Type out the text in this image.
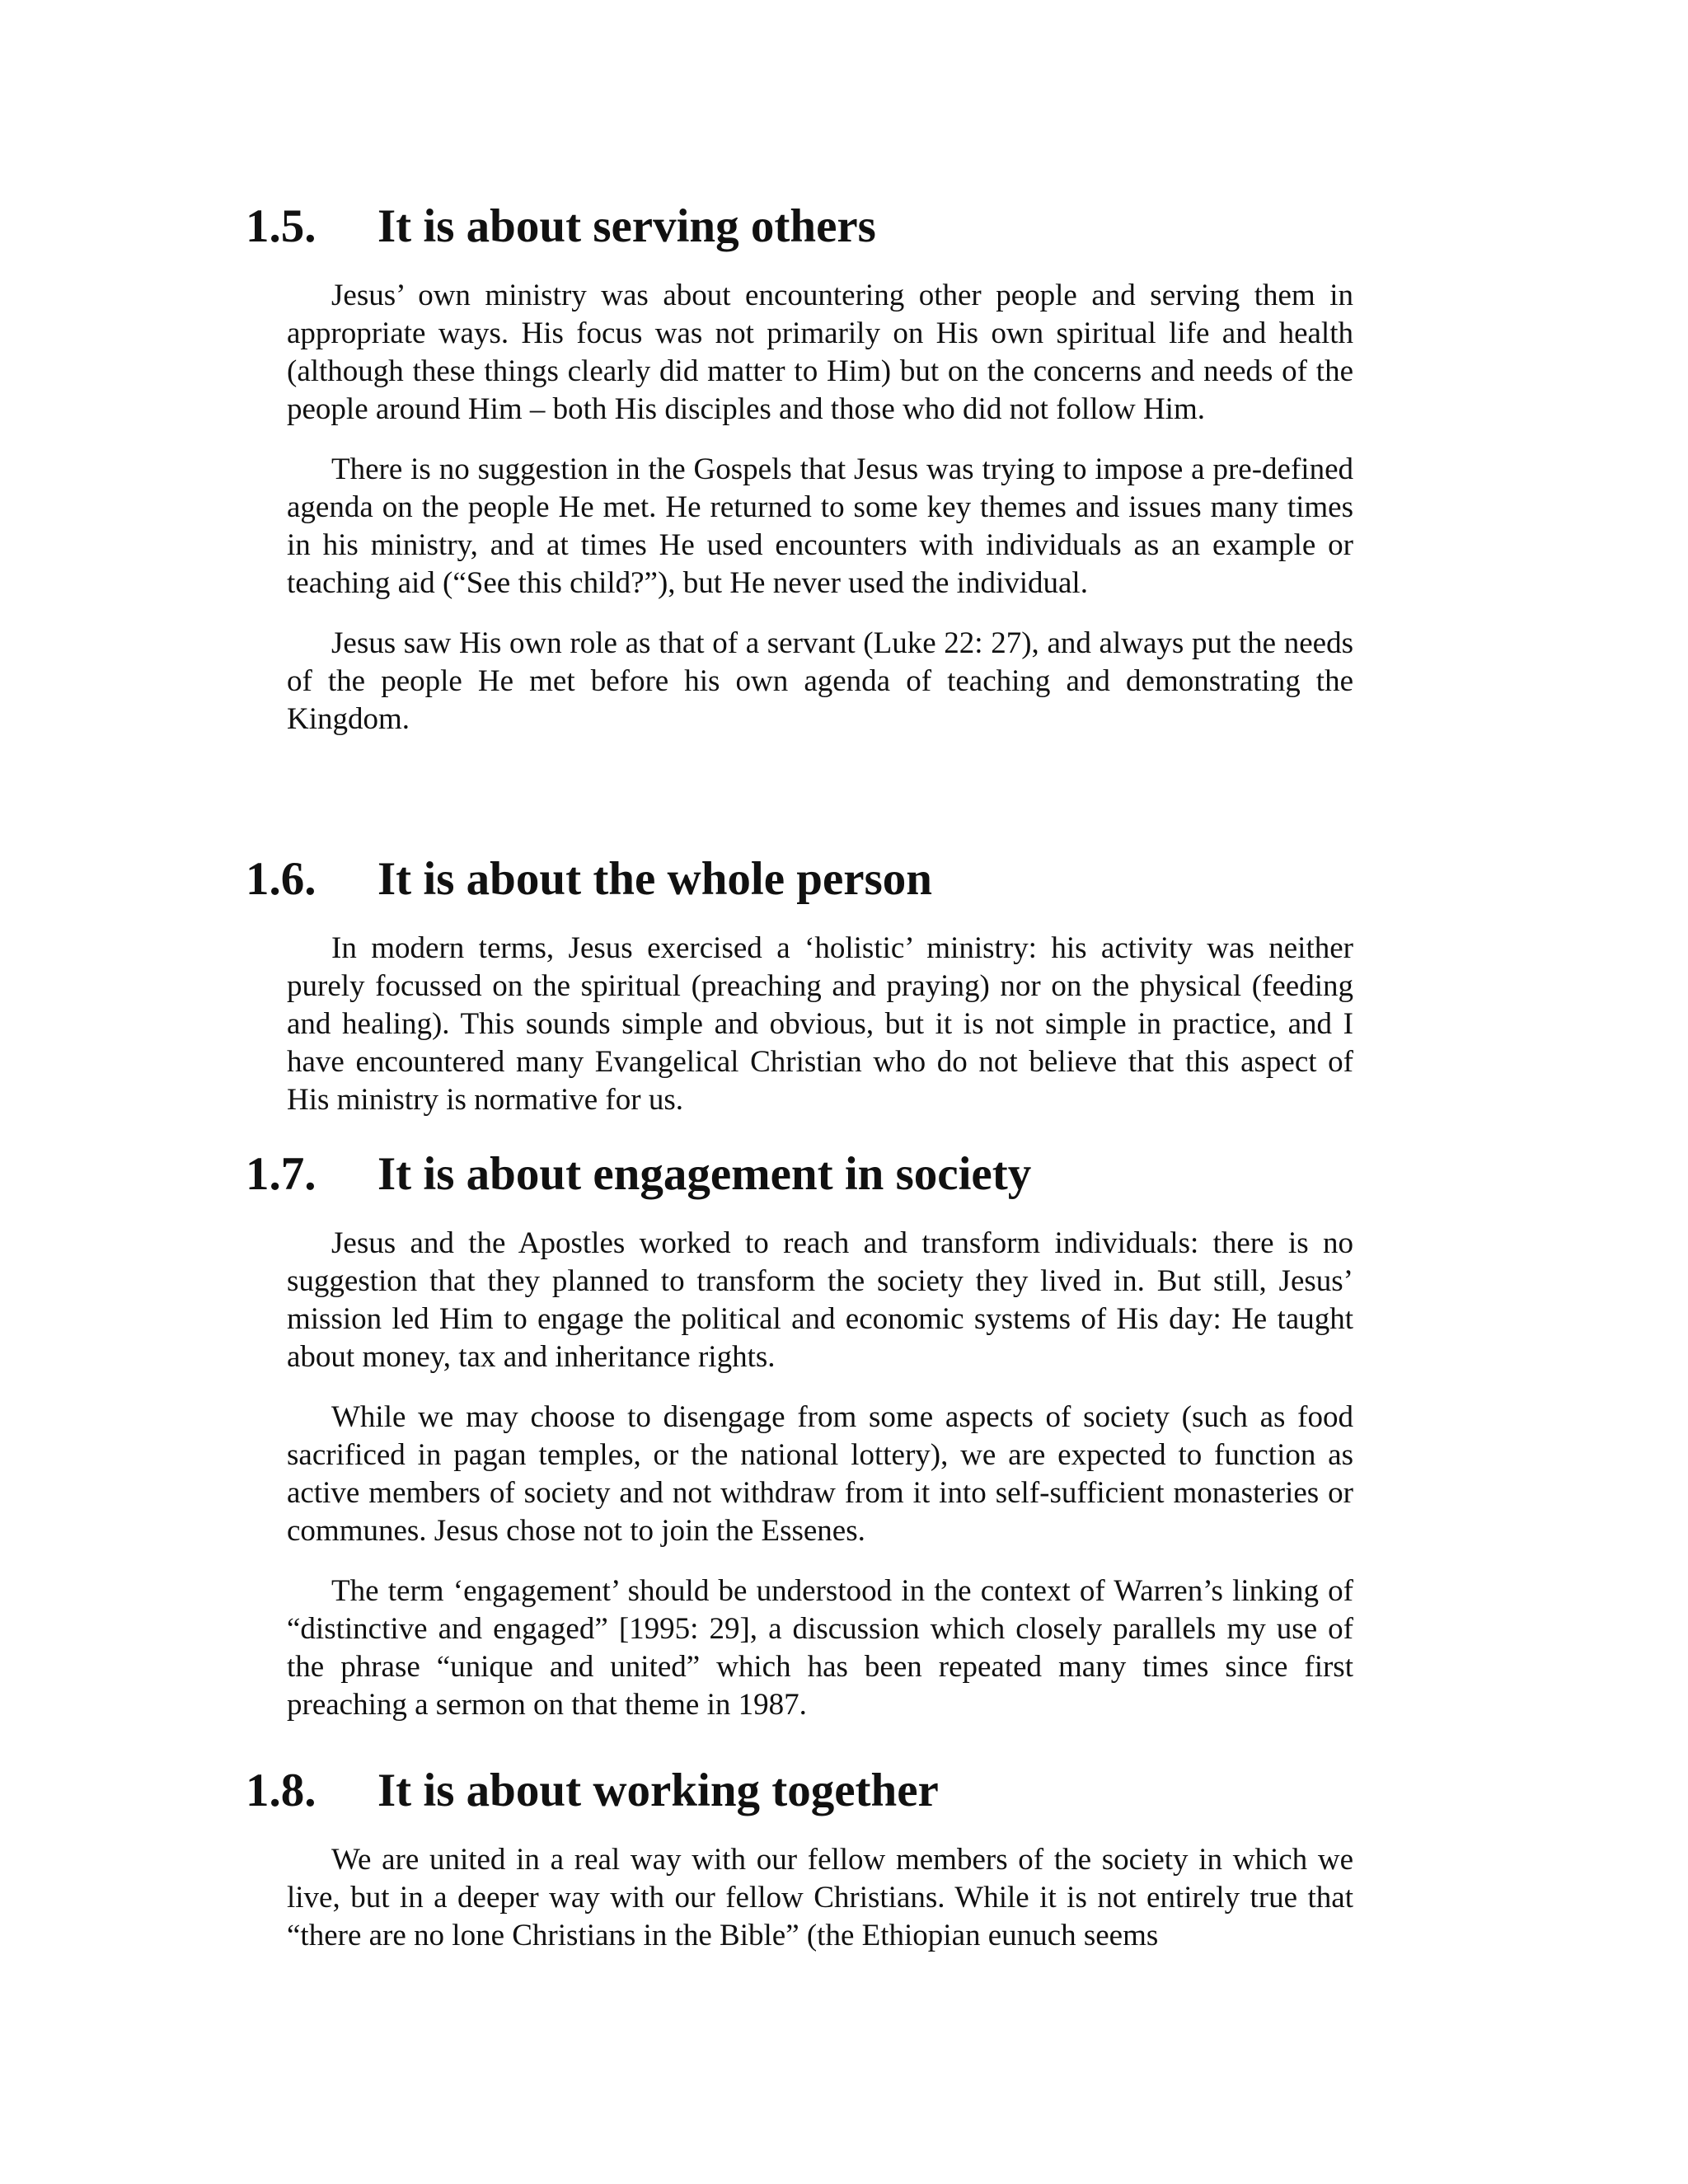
1.5. It is about serving others

Jesus’ own ministry was about encountering other people and serving them in appropriate ways. His focus was not primarily on His own spiritual life and health (although these things clearly did matter to Him) but on the concerns and needs of the people around Him – both His disciples and those who did not follow Him.

There is no suggestion in the Gospels that Jesus was trying to impose a pre-defined agenda on the people He met. He returned to some key themes and issues many times in his ministry, and at times He used encounters with individuals as an example or teaching aid (“See this child?”), but He never used the individual.

Jesus saw His own role as that of a servant (Luke 22: 27), and always put the needs of the people He met before his own agenda of teaching and demonstrating the Kingdom.

1.6. It is about the whole person

In modern terms, Jesus exercised a ‘holistic’ ministry: his activity was neither purely focussed on the spiritual (preaching and praying) nor on the physical (feeding and healing). This sounds simple and obvious, but it is not simple in practice, and I have encountered many Evangelical Christian who do not believe that this aspect of His ministry is normative for us.

1.7. It is about engagement in society

Jesus and the Apostles worked to reach and transform individuals: there is no suggestion that they planned to transform the society they lived in. But still, Jesus’ mission led Him to engage the political and economic systems of His day: He taught about money, tax and inheritance rights.

While we may choose to disengage from some aspects of society (such as food sacrificed in pagan temples, or the national lottery), we are expected to function as active members of society and not withdraw from it into self-sufficient monasteries or communes. Jesus chose not to join the Essenes.

The term ‘engagement’ should be understood in the context of Warren’s linking of “distinctive and engaged” [1995: 29], a discussion which closely parallels my use of the phrase “unique and united” which has been repeated many times since first preaching a sermon on that theme in 1987.

1.8. It is about working together

We are united in a real way with our fellow members of the society in which we live, but in a deeper way with our fellow Christians. While it is not entirely true that “there are no lone Christians in the Bible” (the Ethiopian eunuch seems
